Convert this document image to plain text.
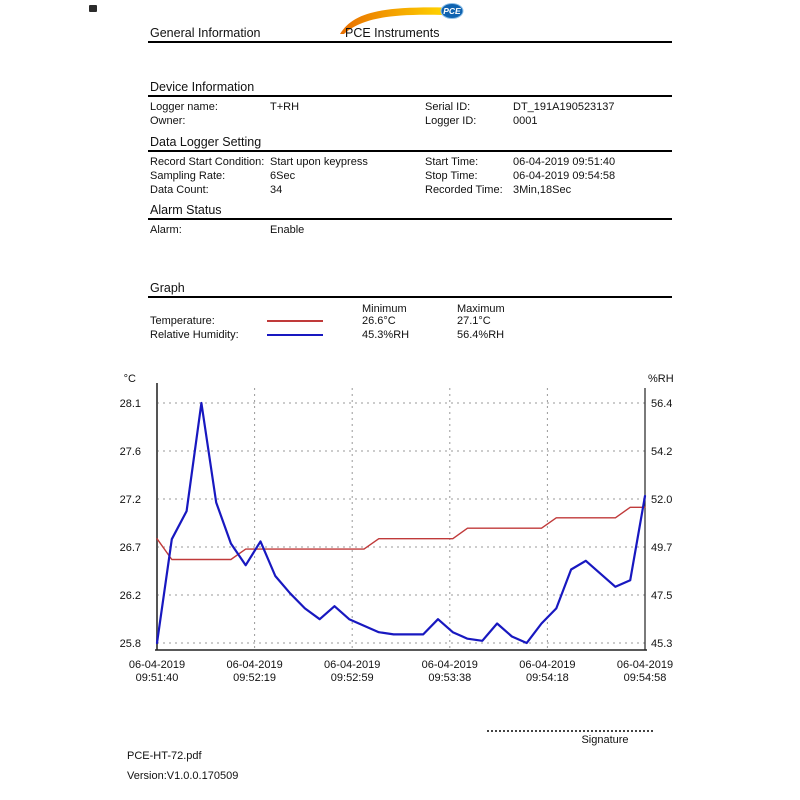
General Information
PCE
PCE Instruments
Device Information
Logger name:	T+RH	Serial ID:	DT_191A190523137
Owner:	Logger ID:	0001
Data Logger Setting
Record Start Condition: Start upon keypress	Start Time:	06-04-2019 09:51:40
Sampling Rate:	6Sec	Stop Time:	06-04-2019 09:54:58
Data Count:	34	Recorded Time: 3Min,18Sec
Alarm Status
Alarm:	Enable
Graph
Minimum	Maximum
Temperature:	26.6°C	27.1°C
Relative Humidity:	45.3%RH	56.4%RH
28.1	56.4
27.6	54.2
27.2	52.0
26.7	49.7
26.2	47.5
25.8	45.3
06-04-2019
09:51:40
06-04-2019
09:52:19
06-04-2019
09:52:59
06-04-2019
09:53:38
06-04-2019
09:54:18
06-04-2019
09:54:58
°C	%RH
Signature
PCE-HT-72.pdf
Version:V1.0.0.170509
